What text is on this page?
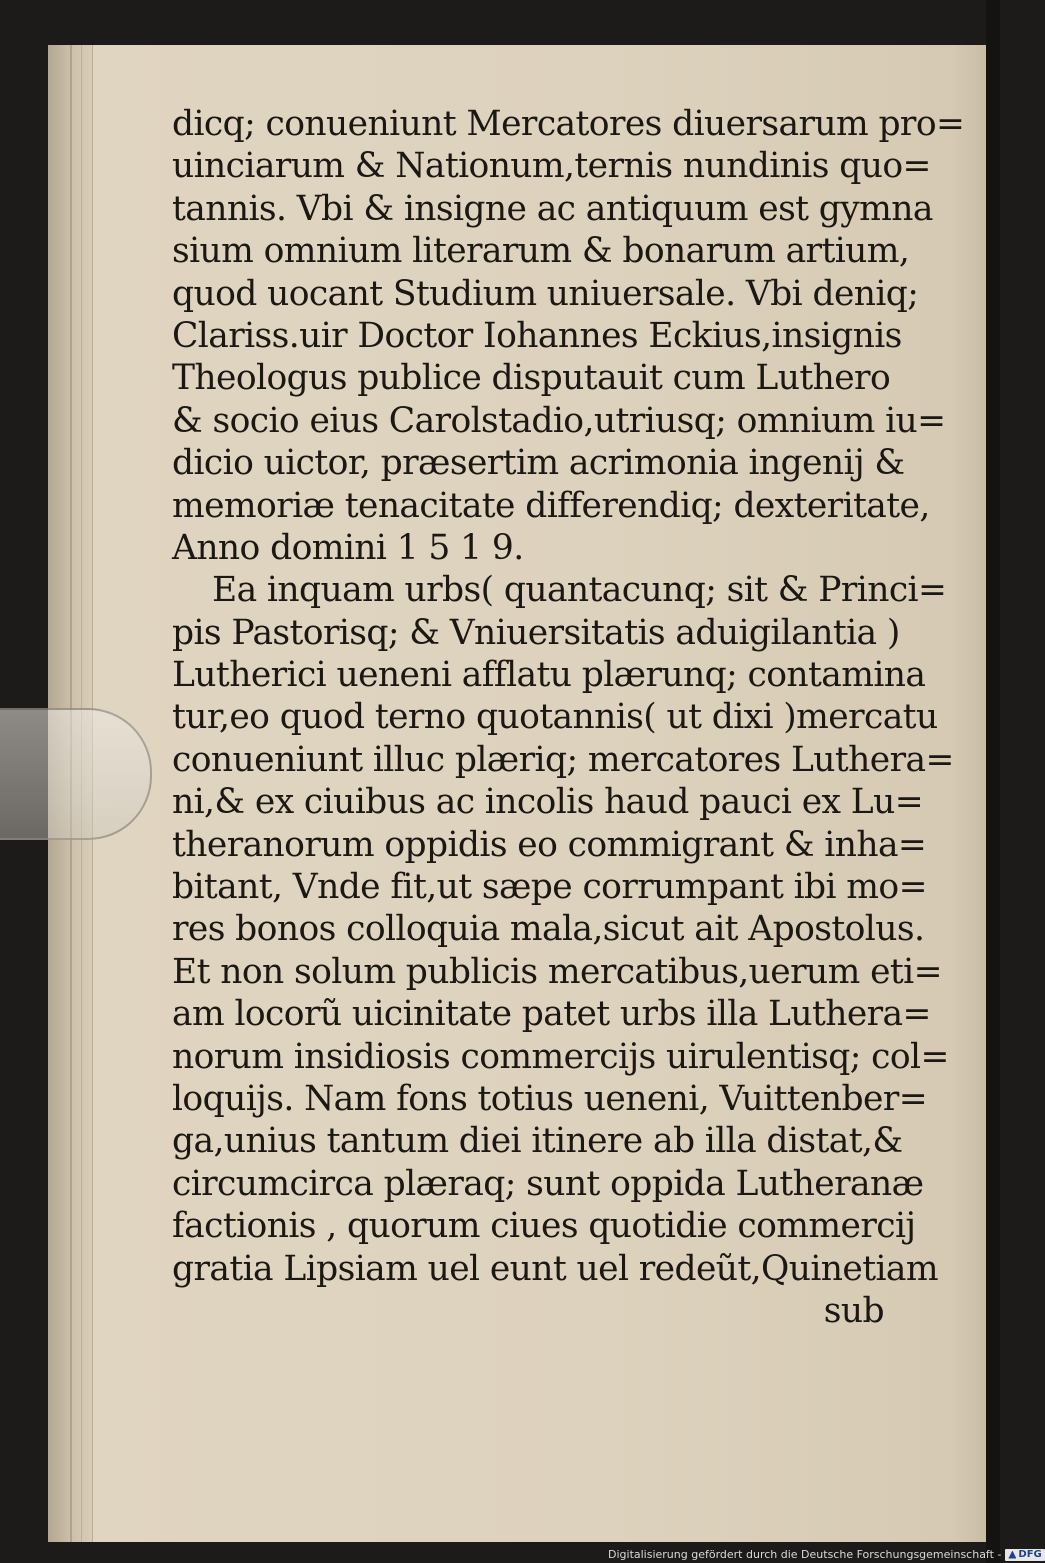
dicq; conueniunt Mercatores diuersarum pro=
uinciarum & Nationum,ternis nundinis quo=
tannis. Vbi & insigne ac antiquum est gymna
sium omnium literarum & bonarum artium,
quod uocant Studium uniuersale. Vbi deniq;
Clariss.uir Doctor Iohannes Eckius,insignis
Theologus publice disputauit cum Luthero
& socio eius Carolstadio,utriusq; omnium iu=
dicio uictor, præsertim acrimonia ingenij &
memoriæ tenacitate differendiq; dexteritate,
Anno domini 1 5 1 9.
Ea inquam urbs( quantacunq; sit & Princi=
pis Pastorisq; & Vniuersitatis aduigilantia )
Lutherici ueneni afflatu plærunq; contamina
tur,eo quod terno quotannis( ut dixi )mercatu
conueniunt illuc plæriq; mercatores Luthera=
ni,& ex ciuibus ac incolis haud pauci ex Lu=
theranorum oppidis eo commigrant & inha=
bitant, Vnde fit,ut sæpe corrumpant ibi mo=
res bonos colloquia mala,sicut ait Apostolus.
Et non solum publicis mercatibus,uerum eti=
am locorũ uicinitate patet urbs illa Luthera=
norum insidiosis commercijs uirulentisq; col=
loquijs. Nam fons totius ueneni, Vuittenber=
ga,unius tantum diei itinere ab illa distat,&
circumcirca plæraq; sunt oppida Lutheranæ
factionis , quorum ciues quotidie commercij
gratia Lipsiam uel eunt uel redeũt,Quinetiam
sub
Digitalisierung gefördert durch die Deutsche Forschungsgemeinschaft - DFG
